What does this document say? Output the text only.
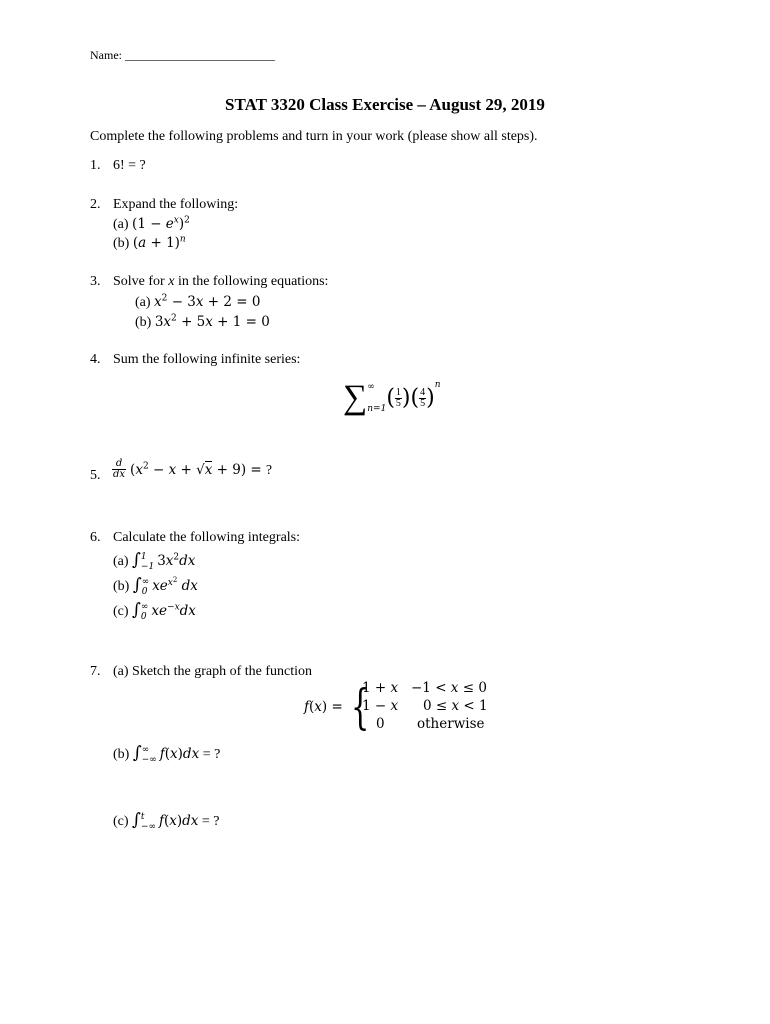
Name: _________________________
STAT 3320 Class Exercise – August 29, 2019
Complete the following problems and turn in your work (please show all steps).
1. 6! = ?
2. Expand the following:
(a) $(1 - e^x)^2$
(b) $(a + 1)^n$
3. Solve for x in the following equations:
(a) $x^2 - 3x + 2 = 0$
(b) $3x^2 + 5x + 1 = 0$
4. Sum the following infinite series:
∑ ∞
n=1 ( $\frac{1}{5}$ )( $\frac{4}{5} )^n$
5. $\frac{d}{dx} (x^2 - x + √x + 9)$ = ?
6. Calculate the following integrals:
(a) ∫ 1
−1 $3x^2dx$
(b) ∫ ∞
0 $xe^{x^2}$ dx
(c) ∫ ∞
0 $xe^{-x}dx$
7. (a) Sketch the graph of the function
f(x) = {
1 + x
1 − x
0
−1 < x ≤ 0
0 ≤ x < 1
otherwise
(b) ∫ ∞
−∞ f(x)dx = ?
(c) ∫ t
−∞ f(x)dx = ?
